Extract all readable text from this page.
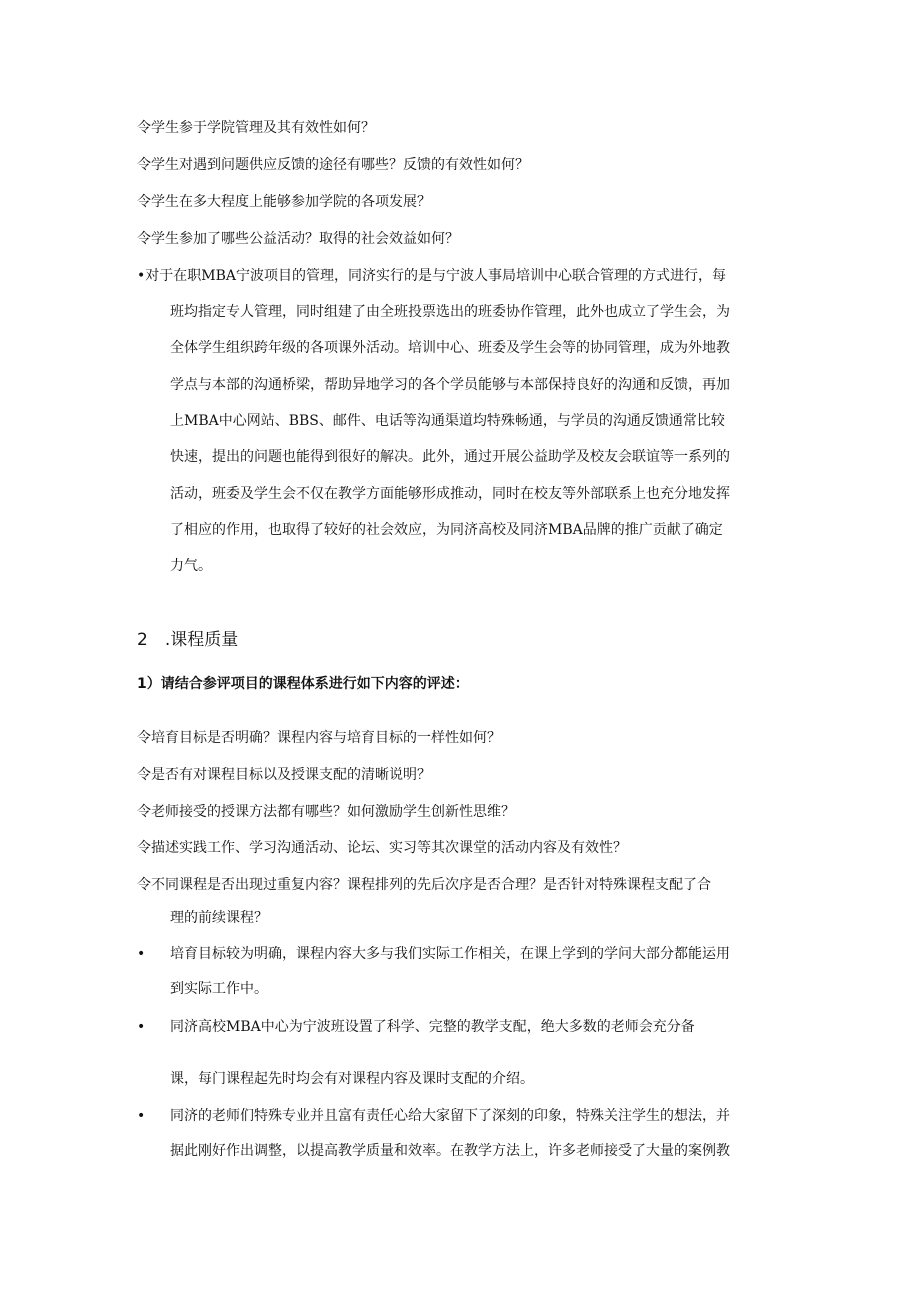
令学生参于学院管理及其有效性如何？
令学生对遇到问题供应反馈的途径有哪些？反馈的有效性如何？
令学生在多大程度上能够参加学院的各项发展？
令学生参加了哪些公益活动？取得的社会效益如何？
•对于在职MBA宁波项目的管理，同济实行的是与宁波人事局培训中心联合管理的方式进行，每
班均指定专人管理，同时组建了由全班投票选出的班委协作管理，此外也成立了学生会，为
全体学生组织跨年级的各项课外活动。培训中心、班委及学生会等的协同管理，成为外地教
学点与本部的沟通桥梁，帮助异地学习的各个学员能够与本部保持良好的沟通和反馈，再加
上MBA中心网站、BBS、邮件、电话等沟通渠道均特殊畅通，与学员的沟通反馈通常比较
快速，提出的问题也能得到很好的解决。此外，通过开展公益助学及校友会联谊等一系列的
活动，班委及学生会不仅在教学方面能够形成推动，同时在校友等外部联系上也充分地发挥
了相应的作用，也取得了较好的社会效应，为同济高校及同济MBA品牌的推广贡献了确定
力气。
2　.课程质量
1）请结合参评项目的课程体系进行如下内容的评述：
令培育目标是否明确？课程内容与培育目标的一样性如何？
令是否有对课程目标以及授课支配的清晰说明？
令老师接受的授课方法都有哪些？如何激励学生创新性思维？
令描述实践工作、学习沟通活动、论坛、实习等其次课堂的活动内容及有效性？
令不同课程是否出现过重复内容？课程排列的先后次序是否合理？是否针对特殊课程支配了合
理的前续课程？
• 培育目标较为明确，课程内容大多与我们实际工作相关，在课上学到的学问大部分都能运用
到实际工作中。
• 同济高校MBA中心为宁波班设置了科学、完整的教学支配，绝大多数的老师会充分备
课，每门课程起先时均会有对课程内容及课时支配的介绍。
• 同济的老师们特殊专业并且富有责任心给大家留下了深刻的印象，特殊关注学生的想法，并
据此刚好作出调整，以提高教学质量和效率。在教学方法上，许多老师接受了大量的案例教
